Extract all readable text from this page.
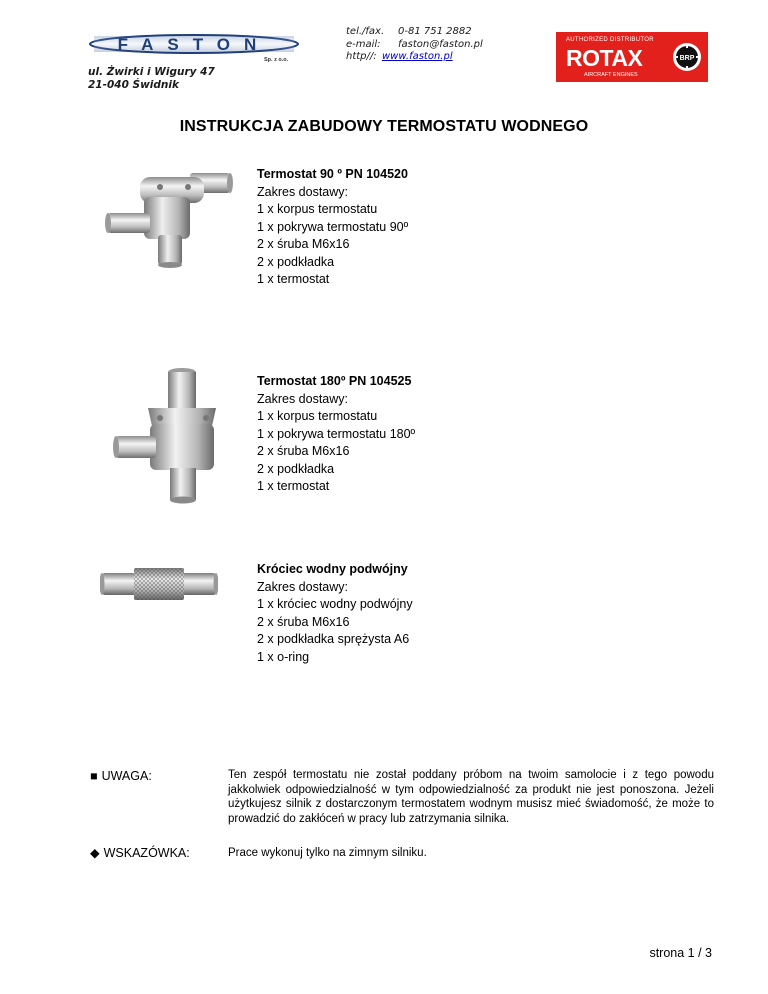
FASTON
Sp. z o.o.
ul. Żwirki i Wigury 47
21-040 Świdnik
tel./fax. 0-81 751 2882
e-mail: faston@faston.pl
http//: www.faston.pl
AUTHORIZED DISTRIBUTOR
ROTAX
AIRCRAFT ENGINES
BRP
INSTRUKCJA ZABUDOWY TERMOSTATU WODNEGO
Termostat 90 º PN 104520
Zakres dostawy:
1 x korpus termostatu
1 x pokrywa termostatu 90º
2 x śruba M6x16
2 x podkładka
1 x termostat
Termostat 180º PN 104525
Zakres dostawy:
1 x korpus termostatu
1 x pokrywa termostatu 180º
2 x śruba M6x16
2 x podkładka
1 x termostat
Króciec wodny podwójny
Zakres dostawy:
1 x króciec wodny podwójny
2 x śruba M6x16
2 x podkładka sprężysta A6
1 x o-ring
■ UWAGA:	Ten zespół termostatu nie został poddany próbom na twoim samolocie i z tego powodu jakkolwiek odpowiedzialność w tym odpowiedzialność za produkt nie jest ponoszona. Jeżeli użytkujesz silnik z dostarczonym termostatem wodnym musisz mieć świadomość, że może to prowadzić do zakłóceń w pracy lub zatrzymania silnika.
◆ WSKAZÓWKA:	Prace wykonuj tylko na zimnym silniku.
strona 1 / 3
